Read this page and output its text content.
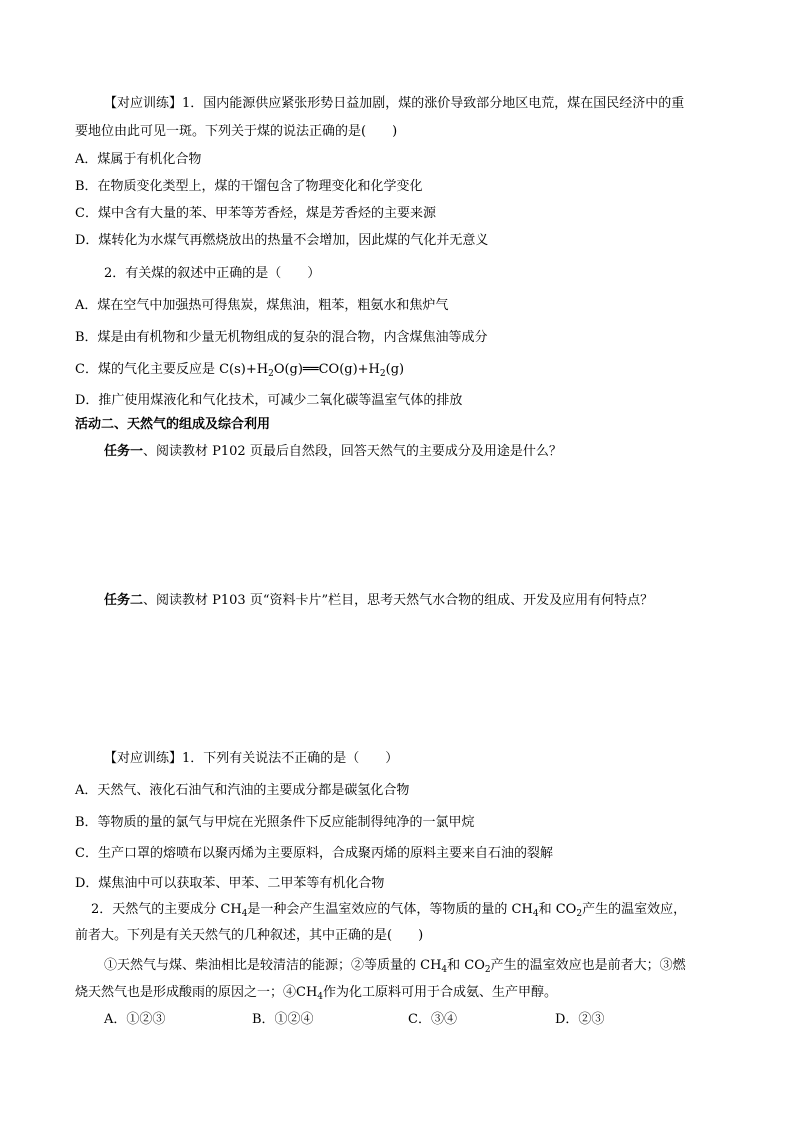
【对应训练】1．国内能源供应紧张形势日益加剧，煤的涨价导致部分地区电荒，煤在国民经济中的重
要地位由此可见一斑。下列关于煤的说法正确的是(　　)
A．煤属于有机化合物
B．在物质变化类型上，煤的干馏包含了物理变化和化学变化
C．煤中含有大量的苯、甲苯等芳香烃，煤是芳香烃的主要来源
D．煤转化为水煤气再燃烧放出的热量不会增加，因此煤的气化并无意义
2．有关煤的叙述中正确的是（　　）
A．煤在空气中加强热可得焦炭，煤焦油，粗苯，粗氨水和焦炉气
B．煤是由有机物和少量无机物组成的复杂的混合物，内含煤焦油等成分
C．煤的气化主要反应是 $C(s)+H_2O(g)══CO(g)+H_2(g)$
D．推广使用煤液化和气化技术，可减少二氧化碳等温室气体的排放
活动二、天然气的组成及综合利用
任务一、阅读教材 P102 页最后自然段，回答天然气的主要成分及用途是什么？
任务二、阅读教材 P103 页“资料卡片”栏目，思考天然气水合物的组成、开发及应用有何特点？
【对应训练】1．下列有关说法不正确的是（　　）
A．天然气、液化石油气和汽油的主要成分都是碳氢化合物
B．等物质的量的氯气与甲烷在光照条件下反应能制得纯净的一氯甲烷
C．生产口罩的熔喷布以聚丙烯为主要原料，合成聚丙烯的原料主要来自石油的裂解
D．煤焦油中可以获取苯、甲苯、二甲苯等有机化合物
2．天然气的主要成分 $CH_4$是一种会产生温室效应的气体，等物质的量的 $CH_4$和 $CO_2$产生的温室效应，
前者大。下列是有关天然气的几种叙述，其中正确的是(　　)
①天然气与煤、柴油相比是较清洁的能源；②等质量的 $CH_4$和 $CO_2$产生的温室效应也是前者大；③燃
烧天然气也是形成酸雨的原因之一；$④CH_4$作为化工原料可用于合成氨、生产甲醇。
A．①②③	B．①②④	C．③④	D．②③
